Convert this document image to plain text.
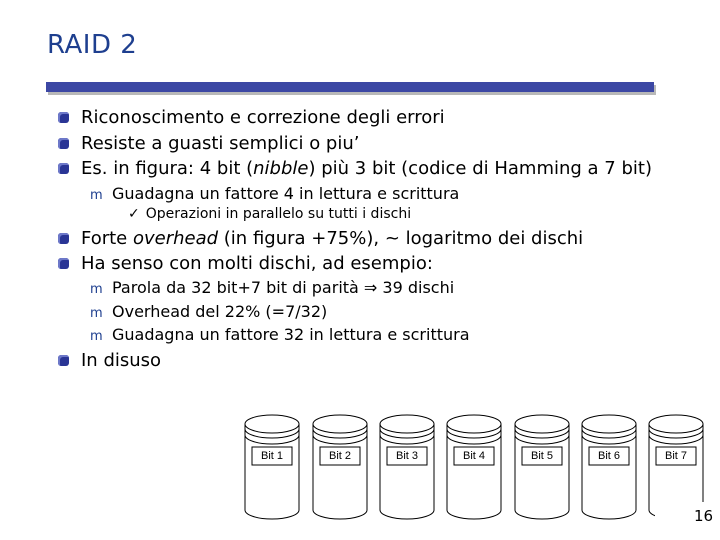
RAID 2
Riconoscimento e correzione degli errori
Resiste a guasti semplici o piu’
Es. in figura: 4 bit (nibble) più 3 bit (codice di Hamming a 7 bit)
m Guadagna un fattore 4 in lettura e scrittura
✓ Operazioni in parallelo su tutti i dischi
Forte overhead (in figura +75%), ~ logaritmo dei dischi
Ha senso con molti dischi, ad esempio:
m Parola da 32 bit+7 bit di parità ⇒ 39 dischi
m Overhead del 22% (=7/32)
m Guadagna un fattore 32 in lettura e scrittura
In disuso
Bit 1	Bit 2	Bit 3	Bit 4	Bit 5	Bit 6	Bit 7
16
